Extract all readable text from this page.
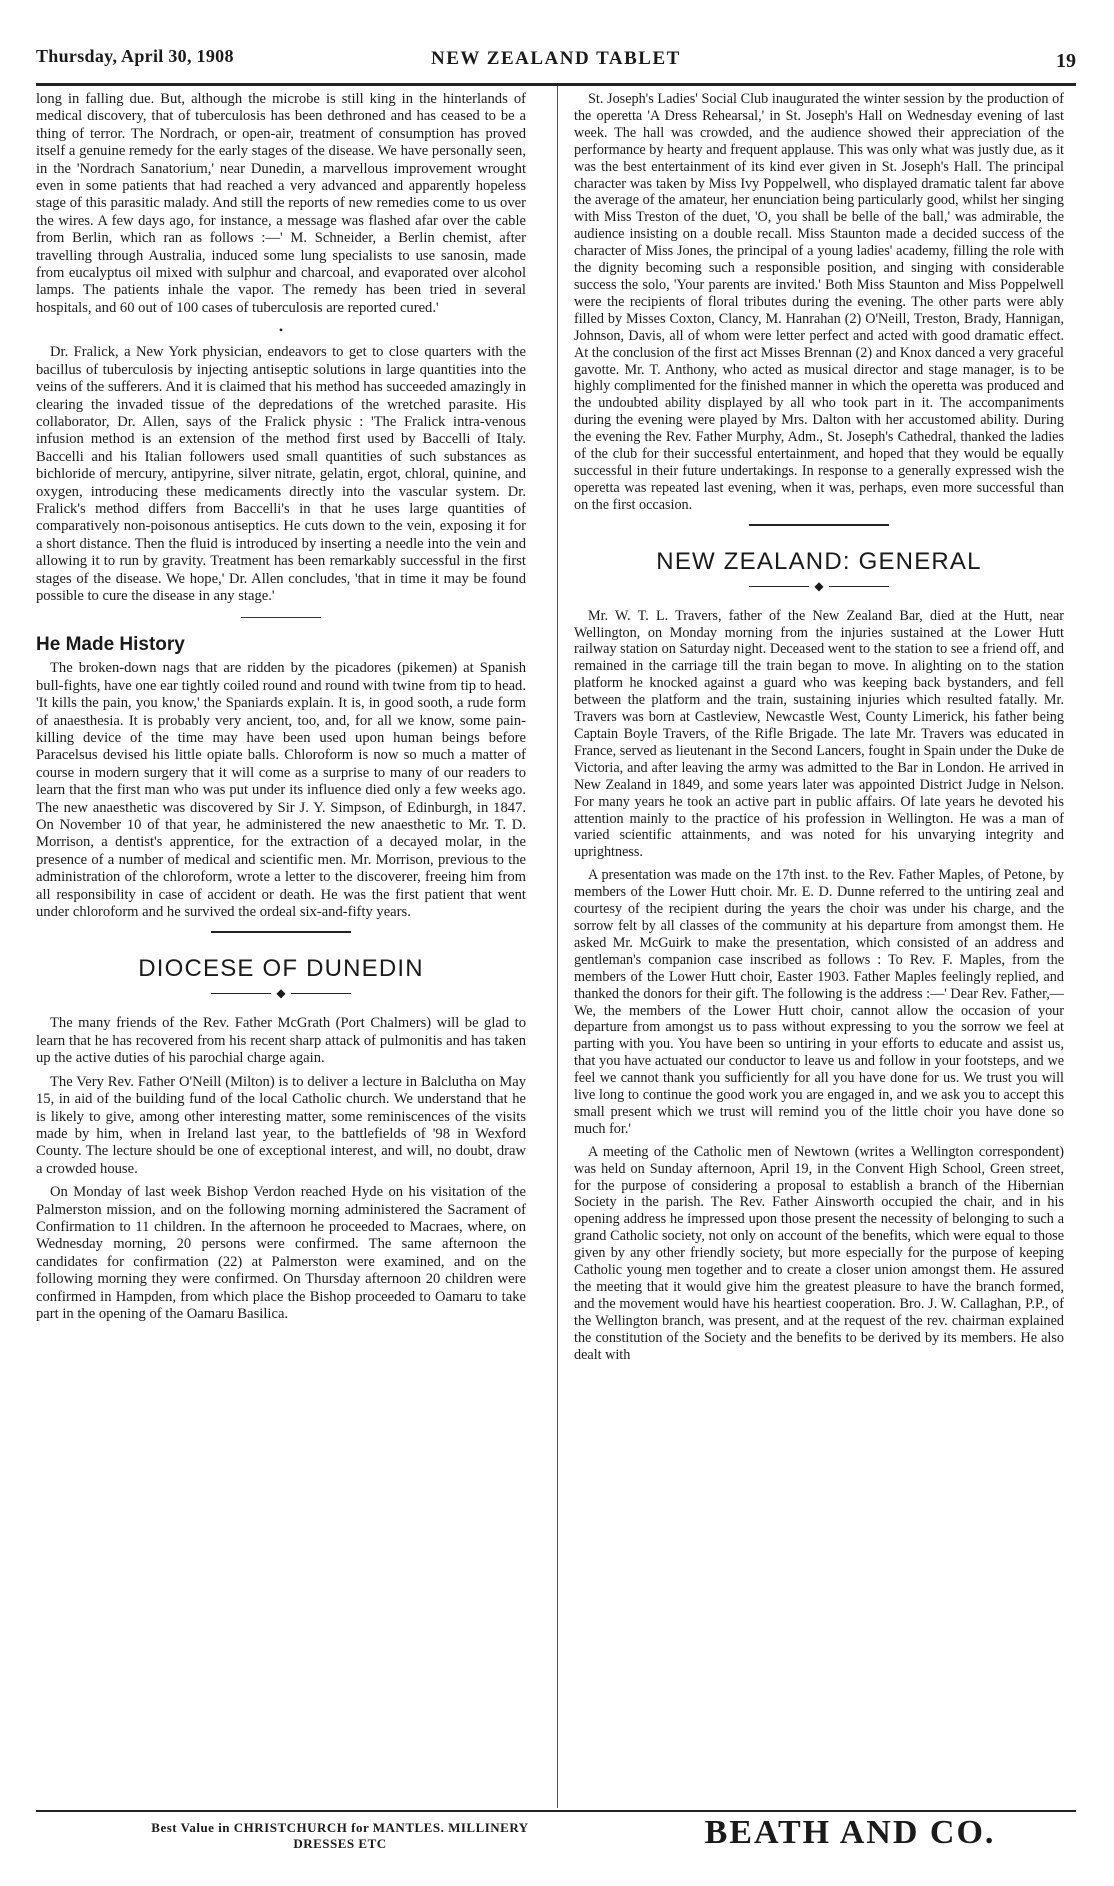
Thursday, April 30, 1908	NEW ZEALAND TABLET	19

long in falling due. But, although the microbe is still king in the hinterlands of medical discovery, that of tuberculosis has been dethroned and has ceased to be a thing of terror. The Nordrach, or open-air, treatment of consumption has proved itself a genuine remedy for the early stages of the disease. We have personally seen, in the 'Nordrach Sanatorium,' near Dunedin, a marvellous improvement wrought even in some patients that had reached a very advanced and apparently hopeless stage of this parasitic malady. And still the reports of new remedies come to us over the wires. A few days ago, for instance, a message was flashed afar over the cable from Berlin, which ran as follows :—' M. Schneider, a Berlin chemist, after travelling through Australia, induced some lung specialists to use sanosin, made from eucalyptus oil mixed with sulphur and charcoal, and evaporated over alcohol lamps. The patients inhale the vapor. The remedy has been tried in several hospitals, and 60 out of 100 cases of tuberculosis are reported cured.'

•

Dr. Fralick, a New York physician, endeavors to get to close quarters with the bacillus of tuberculosis by injecting antiseptic solutions in large quantities into the veins of the sufferers. And it is claimed that his method has succeeded amazingly in clearing the invaded tissue of the depredations of the wretched parasite. His collaborator, Dr. Allen, says of the Fralick physic : 'The Fralick intra-venous infusion method is an extension of the method first used by Baccelli of Italy. Baccelli and his Italian followers used small quantities of such substances as bichloride of mercury, antipyrine, silver nitrate, gelatin, ergot, chloral, quinine, and oxygen, introducing these medicaments directly into the vascular system. Dr. Fralick's method differs from Baccelli's in that he uses large quantities of comparatively non-poisonous antiseptics. He cuts down to the vein, exposing it for a short distance. Then the fluid is introduced by inserting a needle into the vein and allowing it to run by gravity. Treatment has been remarkably successful in the first stages of the disease. We hope,' Dr. Allen concludes, 'that in time it may be found possible to cure the disease in any stage.'

He Made History

The broken-down nags that are ridden by the picadores (pikemen) at Spanish bull-fights, have one ear tightly coiled round and round with twine from tip to head. 'It kills the pain, you know,' the Spaniards explain. It is, in good sooth, a rude form of anaesthesia. It is probably very ancient, too, and, for all we know, some pain-killing device of the time may have been used upon human beings before Paracelsus devised his little opiate balls. Chloroform is now so much a matter of course in modern surgery that it will come as a surprise to many of our readers to learn that the first man who was put under its influence died only a few weeks ago. The new anaesthetic was discovered by Sir J. Y. Simpson, of Edinburgh, in 1847. On November 10 of that year, he administered the new anaesthetic to Mr. T. D. Morrison, a dentist's apprentice, for the extraction of a decayed molar, in the presence of a number of medical and scientific men. Mr. Morrison, previous to the administration of the chloroform, wrote a letter to the discoverer, freeing him from all responsibility in case of accident or death. He was the first patient that went under chloroform and he survived the ordeal six-and-fifty years.

DIOCESE OF DUNEDIN
◆

The many friends of the Rev. Father McGrath (Port Chalmers) will be glad to learn that he has recovered from his recent sharp attack of pulmonitis and has taken up the active duties of his parochial charge again.

The Very Rev. Father O'Neill (Milton) is to deliver a lecture in Balclutha on May 15, in aid of the building fund of the local Catholic church. We understand that he is likely to give, among other interesting matter, some reminiscences of the visits made by him, when in Ireland last year, to the battlefields of '98 in Wexford County. The lecture should be one of exceptional interest, and will, no doubt, draw a crowded house.

On Monday of last week Bishop Verdon reached Hyde on his visitation of the Palmerston mission, and on the following morning administered the Sacrament of Confirmation to 11 children. In the afternoon he proceeded to Macraes, where, on Wednesday morning, 20 persons were confirmed. The same afternoon the candidates for confirmation (22) at Palmerston were examined, and on the following morning they were confirmed. On Thursday afternoon 20 children were confirmed in Hampden, from which place the Bishop proceeded to Oamaru to take part in the opening of the Oamaru Basilica.

St. Joseph's Ladies' Social Club inaugurated the winter session by the production of the operetta 'A Dress Rehearsal,' in St. Joseph's Hall on Wednesday evening of last week. The hall was crowded, and the audience showed their appreciation of the performance by hearty and frequent applause. This was only what was justly due, as it was the best entertainment of its kind ever given in St. Joseph's Hall. The principal character was taken by Miss Ivy Poppelwell, who displayed dramatic talent far above the average of the amateur, her enunciation being particularly good, whilst her singing with Miss Treston of the duet, 'O, you shall be belle of the ball,' was admirable, the audience insisting on a double recall. Miss Staunton made a decided success of the character of Miss Jones, the principal of a young ladies' academy, filling the role with the dignity becoming such a responsible position, and singing with considerable success the solo, 'Your parents are invited.' Both Miss Staunton and Miss Poppelwell were the recipients of floral tributes during the evening. The other parts were ably filled by Misses Coxton, Clancy, M. Hanrahan (2) O'Neill, Treston, Brady, Hannigan, Johnson, Davis, all of whom were letter perfect and acted with good dramatic effect. At the conclusion of the first act Misses Brennan (2) and Knox danced a very graceful gavotte. Mr. T. Anthony, who acted as musical director and stage manager, is to be highly complimented for the finished manner in which the operetta was produced and the undoubted ability displayed by all who took part in it. The accompaniments during the evening were played by Mrs. Dalton with her accustomed ability. During the evening the Rev. Father Murphy, Adm., St. Joseph's Cathedral, thanked the ladies of the club for their successful entertainment, and hoped that they would be equally successful in their future undertakings. In response to a generally expressed wish the operetta was repeated last evening, when it was, perhaps, even more successful than on the first occasion.

NEW ZEALAND: GENERAL
◆

Mr. W. T. L. Travers, father of the New Zealand Bar, died at the Hutt, near Wellington, on Monday morning from the injuries sustained at the Lower Hutt railway station on Saturday night. Deceased went to the station to see a friend off, and remained in the carriage till the train began to move. In alighting on to the station platform he knocked against a guard who was keeping back bystanders, and fell between the platform and the train, sustaining injuries which resulted fatally. Mr. Travers was born at Castleview, Newcastle West, County Limerick, his father being Captain Boyle Travers, of the Rifle Brigade. The late Mr. Travers was educated in France, served as lieutenant in the Second Lancers, fought in Spain under the Duke de Victoria, and after leaving the army was admitted to the Bar in London. He arrived in New Zealand in 1849, and some years later was appointed District Judge in Nelson. For many years he took an active part in public affairs. Of late years he devoted his attention mainly to the practice of his profession in Wellington. He was a man of varied scientific attainments, and was noted for his unvarying integrity and uprightness.

A presentation was made on the 17th inst. to the Rev. Father Maples, of Petone, by members of the Lower Hutt choir. Mr. E. D. Dunne referred to the untiring zeal and courtesy of the recipient during the years the choir was under his charge, and the sorrow felt by all classes of the community at his departure from amongst them. He asked Mr. McGuirk to make the presentation, which consisted of an address and gentleman's companion case inscribed as follows : To Rev. F. Maples, from the members of the Lower Hutt choir, Easter 1903. Father Maples feelingly replied, and thanked the donors for their gift. The following is the address :—' Dear Rev. Father,—We, the members of the Lower Hutt choir, cannot allow the occasion of your departure from amongst us to pass without expressing to you the sorrow we feel at parting with you. You have been so untiring in your efforts to educate and assist us, that you have actuated our conductor to leave us and follow in your footsteps, and we feel we cannot thank you sufficiently for all you have done for us. We trust you will live long to continue the good work you are engaged in, and we ask you to accept this small present which we trust will remind you of the little choir you have done so much for.'

A meeting of the Catholic men of Newtown (writes a Wellington correspondent) was held on Sunday afternoon, April 19, in the Convent High School, Green street, for the purpose of considering a proposal to establish a branch of the Hibernian Society in the parish. The Rev. Father Ainsworth occupied the chair, and in his opening address he impressed upon those present the necessity of belonging to such a grand Catholic society, not only on account of the benefits, which were equal to those given by any other friendly society, but more especially for the purpose of keeping Catholic young men together and to create a closer union amongst them. He assured the meeting that it would give him the greatest pleasure to have the branch formed, and the movement would have his heartiest cooperation. Bro. J. W. Callaghan, P.P., of the Wellington branch, was present, and at the request of the rev. chairman explained the constitution of the Society and the benefits to be derived by its members. He also dealt with

Best Value in CHRISTCHURCH for MANTLES. MILLINERY
DRESSES ETC	BEATH AND CO.
